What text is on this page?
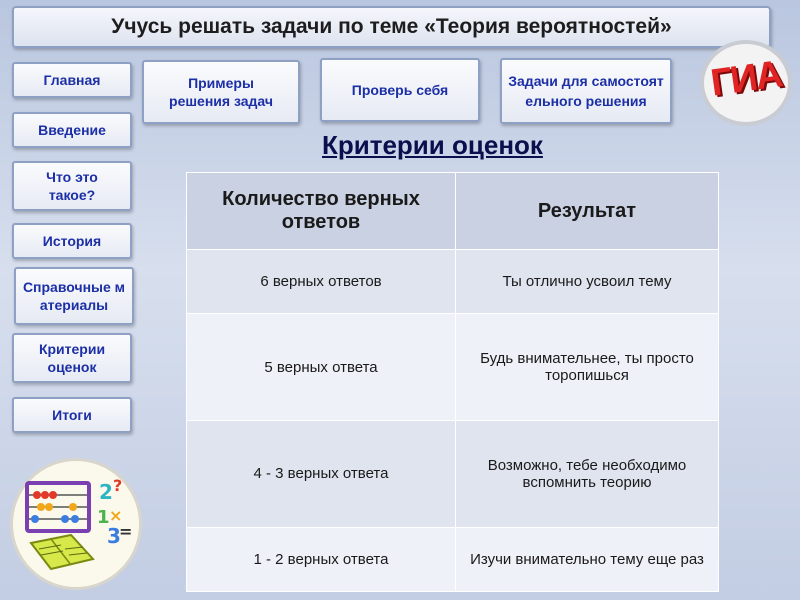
Учусь решать задачи по теме «Теория вероятностей»
Главная
Введение
Что это такое?
История
Справочные материалы
Критерии оценок
Итоги
Примеры решения задач
Проверь себя
Задачи для самостоятельного решения	ГИА
Критерии оценок
Количество верных ответов	Результат
6 верных ответов	Ты отлично усвоил тему
5 верных ответа	Будь внимательнее, ты просто торопишься
4 - 3 верных ответа	Возможно, тебе необходимо вспомнить теорию
1 - 2 верных ответа	Изучи внимательно тему еще раз
2 ?
1 ×
3
=
